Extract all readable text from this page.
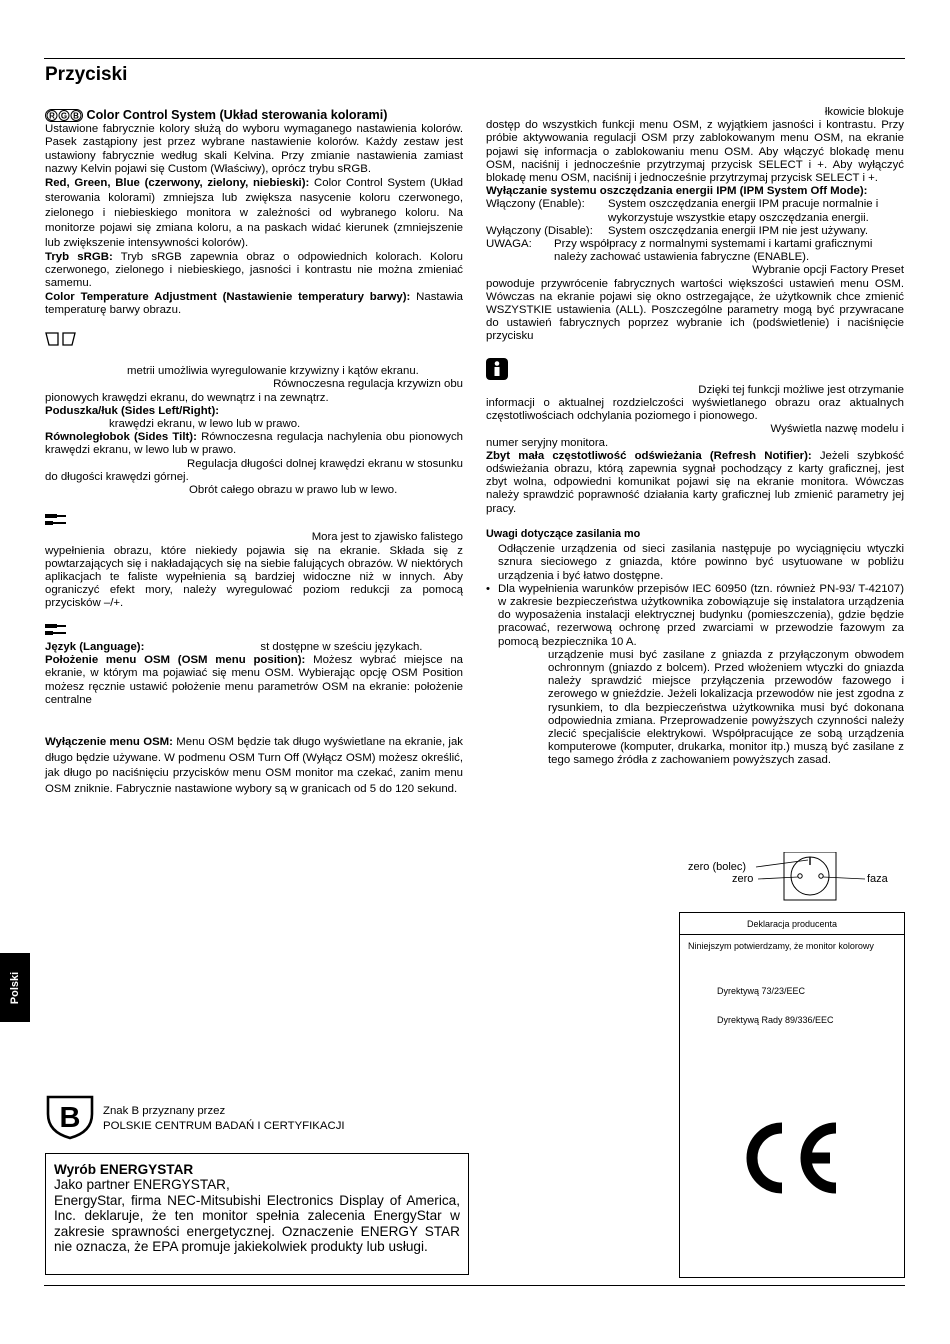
Przyciski
Polski

R G B Color Control System (Układ sterowania kolorami)

Ustawione fabrycznie kolory służą do wyboru wymaganego nastawienia kolorów. Pasek zastąpiony jest przez wybrane nastawienie kolorów. Każdy zestaw jest ustawiony fabrycznie według skali Kelvina. Przy zmianie nastawienia zamiast nazwy Kelvin pojawi się Custom (Właściwy), oprócz trybu sRGB.

Red, Green, Blue (czerwony, zielony, niebieski): Color Control System (Układ sterowania kolorami) zmniejsza lub zwiększa nasycenie koloru czerwonego, zielonego i niebieskiego monitora w zależności od wybranego koloru. Na monitorze pojawi się zmiana koloru, a na paskach widać kierunek (zmniejszenie lub zwiększenie intensywności kolorów).

Tryb sRGB: Tryb sRGB zapewnia obraz o odpowiednich kolorach. Koloru czerwonego, zielonego i niebieskiego, jasności i kontrastu nie można zmieniać samemu.

Color Temperature Adjustment (Nastawienie temperatury barwy): Nastawia temperaturę barwy obrazu.

metrii umożliwia wyregulowanie krzywizny i kątów ekranu.

Równoczesna regulacja krzywizn obu

pionowych krawędzi ekranu, do wewnątrz i na zewnątrz.

Poduszka/łuk (Sides Left/Right):

krawędzi ekranu, w lewo lub w prawo.

Równoległobok (Sides Tilt): Równoczesna regulacja nachylenia obu pionowych krawędzi ekranu, w lewo lub w prawo.

Regulacja długości dolnej krawędzi ekranu w stosunku do długości krawędzi górnej.

Obrót całego obrazu w prawo lub w lewo.

Mora jest to zjawisko falistego

wypełnienia obrazu, które niekiedy pojawia się na ekranie. Składa się z powtarzających się i nakładających się na siebie falujących obrazów. W niektórych aplikacjach te faliste wypełnienia są bardziej widoczne niż w innych. Aby ograniczyć efekt mory, należy wyregulować poziom redukcji za pomocą przycisków –/+.

Język (Language):	st dostępne w sześciu językach.

Położenie menu OSM (OSM menu position): Możesz wybrać miejsce na ekranie, w którym ma pojawiać się menu OSM. Wybierając opcję OSM Position możesz ręcznie ustawić położenie menu parametrów OSM na ekranie: położenie centralne

Wyłączenie menu OSM: Menu OSM będzie tak długo wyświetlane na ekranie, jak długo będzie używane. W podmenu OSM Turn Off (Wyłącz OSM) możesz określić, jak długo po naciśnięciu przycisków menu OSM monitor ma czekać, zanim menu OSM zniknie. Fabrycznie nastawione wybory są w granicach od 5 do 120 sekund.

łkowicie blokuje

dostęp do wszystkich funkcji menu OSM, z wyjątkiem jasności i kontrastu. Przy próbie aktywowania regulacji OSM przy zablokowanym menu OSM, na ekranie pojawi się informacja o zablokowaniu menu OSM. Aby włączyć blokadę menu OSM, naciśnij i jednocześnie przytrzymaj przycisk SELECT i +. Aby wyłączyć blokadę menu OSM, naciśnij i jednocześnie przytrzymaj przycisk SELECT i +.

Wyłączanie systemu oszczędzania energii IPM (IPM System Off Mode):

Włączony (Enable):	System oszczędzania energii IPM pracuje normalnie i wykorzystuje wszystkie etapy oszczędzania energii.
Wyłączony (Disable):	System oszczędzania energii IPM nie jest używany.
UWAGA:	Przy współpracy z normalnymi systemami i kartami graficznymi należy zachować ustawienia fabryczne (ENABLE).

Wybranie opcji Factory Preset

powoduje przywrócenie fabrycznych wartości większości ustawień menu OSM. Wówczas na ekranie pojawi się okno ostrzegające, że użytkownik chce zmienić WSZYSTKIE ustawienia (ALL). Poszczególne parametry mogą być przywracane do ustawień fabrycznych poprzez wybranie ich (podświetlenie) i naciśnięcie przycisku

Dzięki tej funkcji możliwe jest otrzymanie

informacji o aktualnej rozdzielczości wyświetlanego obrazu oraz aktualnych częstotliwościach odchylania poziomego i pionowego.

Wyświetla nazwę modelu i

numer seryjny monitora.

Zbyt mała częstotliwość odświeżania (Refresh Notifier): Jeżeli szybkość odświeżania obrazu, którą zapewnia sygnał pochodzący z karty graficznej, jest zbyt wolna, odpowiedni komunikat pojawi się na ekranie monitora. Wówczas należy sprawdzić poprawność działania karty graficznej lub zmienić parametry jej pracy.

Uwagi dotyczące zasilania mo

Odłączenie urządzenia od sieci zasilania następuje po wyciągnięciu wtyczki sznura sieciowego z gniazda, które powinno być usytuowane w pobliżu urządzenia i być łatwo dostępne.

• Dla wypełnienia warunków przepisów IEC 60950 (tzn. również PN-93/ T-42107) w zakresie bezpieczeństwa użytkownika zobowiązuje się instalatora urządzenia do wyposażenia instalacji elektrycznej budynku (pomieszczenia), gdzie będzie pracować, rezerwową ochronę przed zwarciami w przewodzie fazowym za pomocą bezpiecznika 10 A.

urządzenie musi być zasilane z gniazda z przyłączonym obwodem ochronnym (gniazdo z bolcem). Przed włożeniem wtyczki do gniazda należy sprawdzić miejsce przyłączenia przewodów fazowego i zerowego w gnieździe. Jeżeli lokalizacja przewodów nie jest zgodna z rysunkiem, to dla bezpieczeństwa użytkownika musi być dokonana odpowiednia zmiana. Przeprowadzenie powyższych czynności należy zlecić specjaliście elektrykowi. Współpracujące ze sobą urządzenia komputerowe (komputer, drukarka, monitor itp.) muszą być zasilane z tego samego źródła z zachowaniem powyższych zasad.

zero (bolec)
zero	faza
Deklaracja producenta
Niniejszym potwierdzamy, że monitor kolorowy
Dyrektywą 73/23/EEC
Dyrektywą Rady 89/336/EEC
B Znak B przyznany przez
POLSKIE CENTRUM BADAŃ I CERTYFIKACJI

Wyrób ENERGYSTAR

Jako partner ENERGYSTAR,

EnergyStar, firma NEC-Mitsubishi Electronics Display of America, Inc. deklaruje, że ten monitor spełnia zalecenia EnergyStar w zakresie sprawności energetycznej. Oznaczenie ENERGY STAR nie oznacza, że EPA promuje jakiekolwiek produkty lub usługi.
